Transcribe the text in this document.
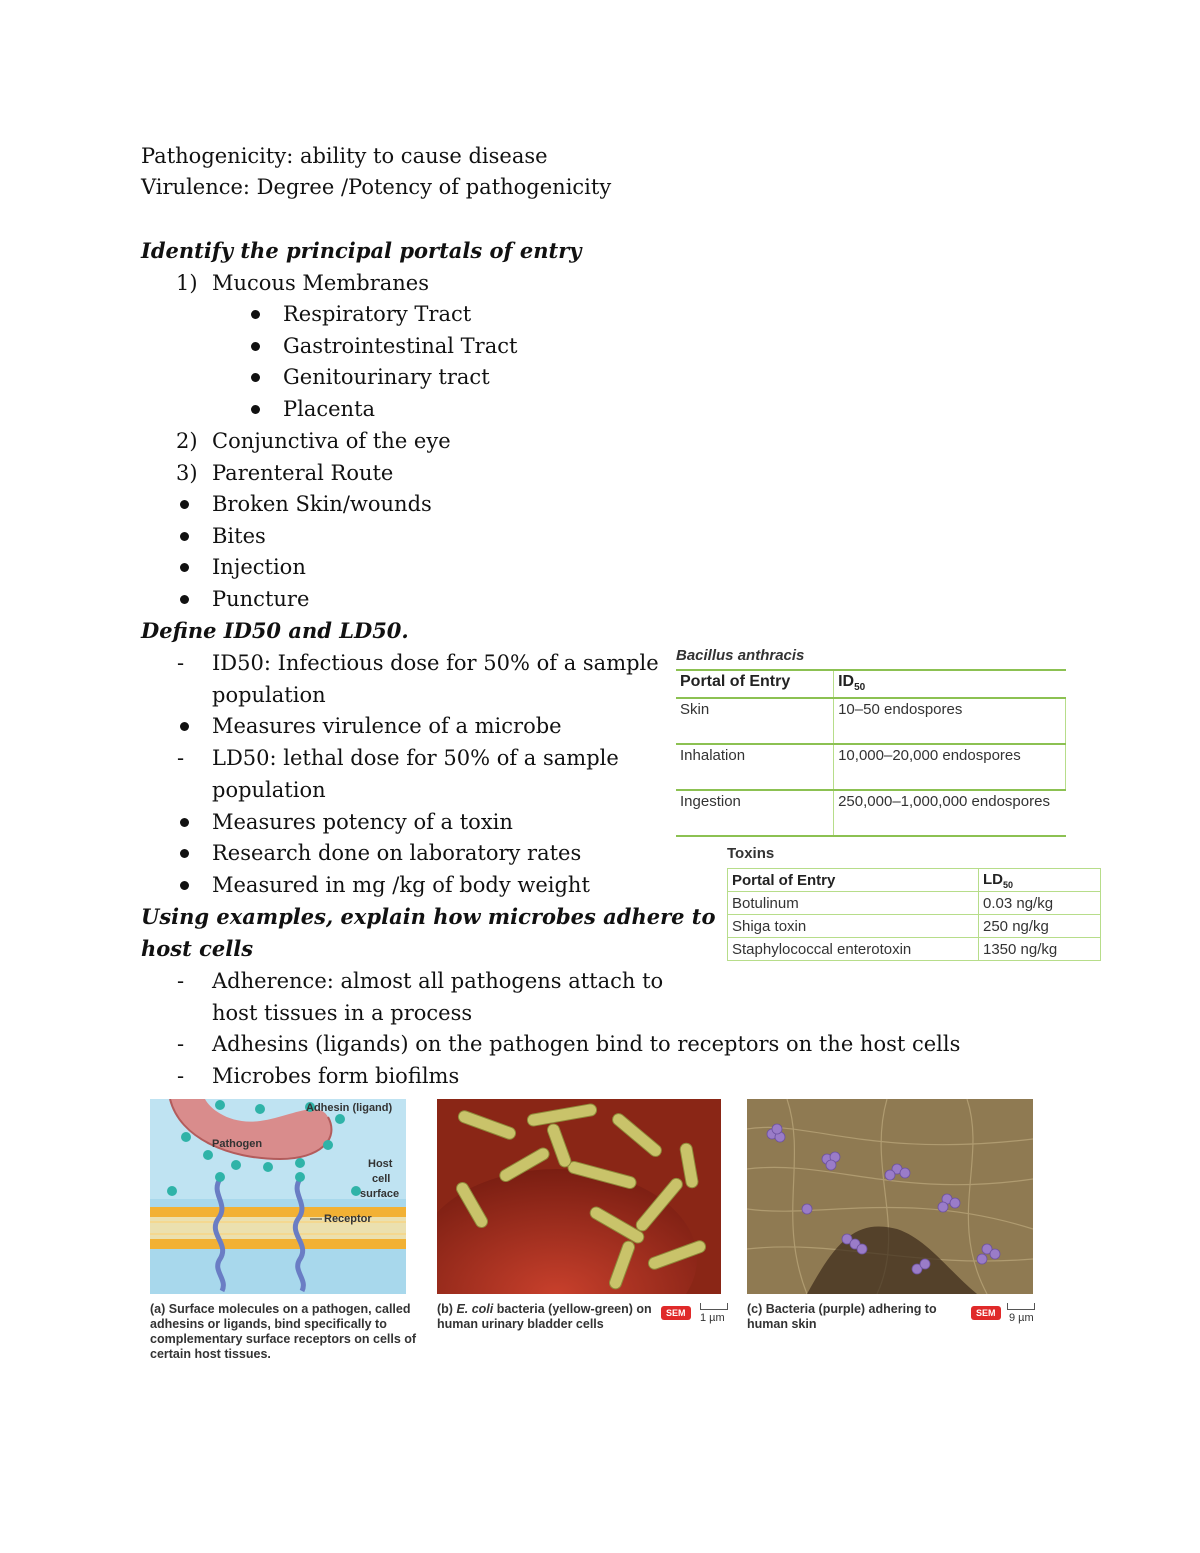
Pathogenicity: ability to cause disease
Virulence: Degree /Potency of pathogenicity
Identify the principal portals of entry
1) Mucous Membranes
Respiratory Tract
Gastrointestinal Tract
Genitourinary tract
Placenta
2) Conjunctiva of the eye
3) Parenteral Route
Broken Skin/wounds
Bites
Injection
Puncture
Define ID50 and LD50.
- ID50: Infectious dose for 50% of a sample
population
Measures virulence of a microbe
- LD50: lethal dose for 50% of a sample
population
Measures potency of a toxin
Research done on laboratory rates
Measured in mg /kg of body weight
Using examples, explain how microbes adhere to
host cells
- Adherence: almost all pathogens attach to
host tissues in a process
- Adhesins (ligands) on the pathogen bind to receptors on the host cells
- Microbes form biofilms
Bacillus anthracis
Portal of Entry	$ID_{50}$
Skin	10–50 endospores
Inhalation	10,000–20,000 endospores
Ingestion	250,000–1,000,000 endospores
Toxins
Portal of Entry	$LD_{50}$
Botulinum	0.03 ng/kg
Shiga toxin	250 ng/kg
Staphylococcal enterotoxin	1350 ng/kg
Pathogen
Adhesin (ligand)
Host
cell
surface
Receptor
(a) Surface molecules on a pathogen, called adhesins or ligands, bind specifically to complementary surface receptors on cells of certain host tissues.
(b) E. coli bacteria (yellow-green) on human urinary bladder cells
SEM	1 µm
(c) Bacteria (purple) adhering to human skin
SEM	9 µm
